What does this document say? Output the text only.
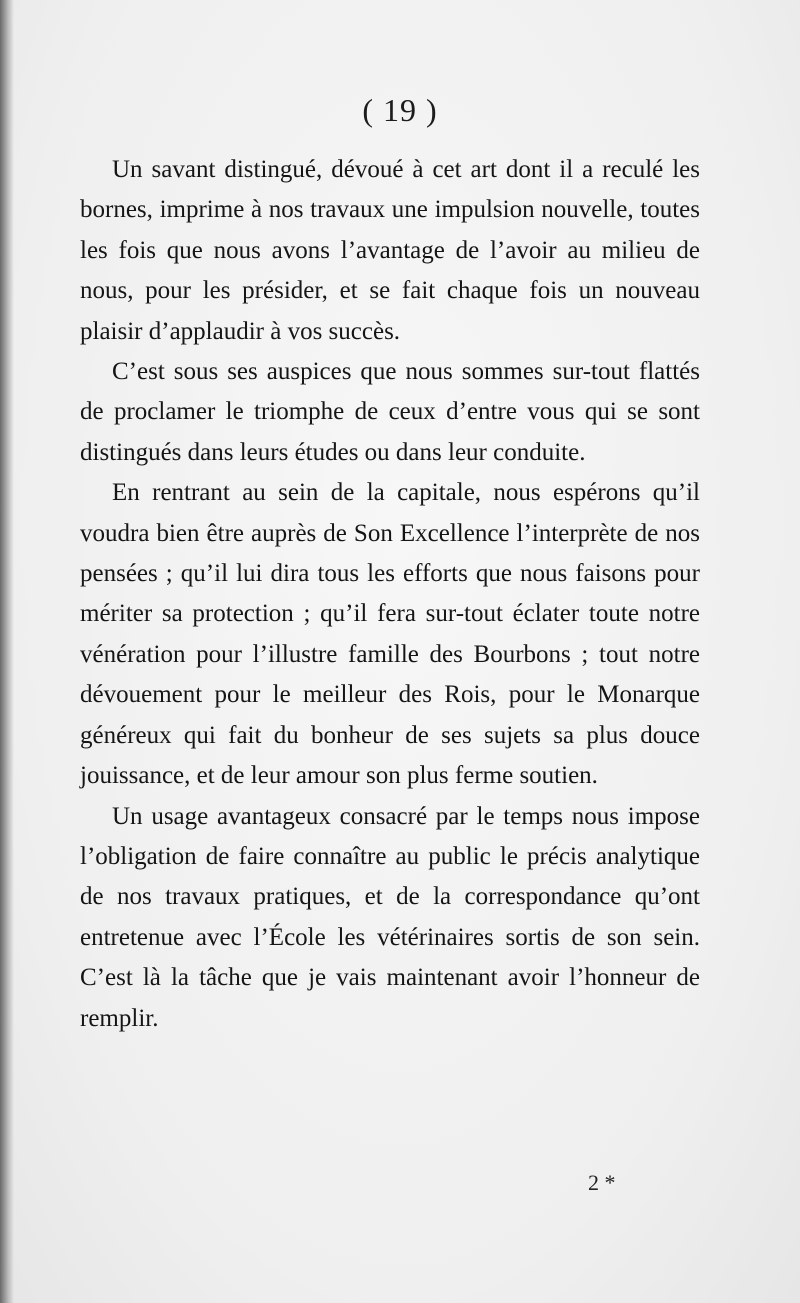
( 19 )

Un savant distingué, dévoué à cet art dont il a reculé les bornes, imprime à nos travaux une impulsion nouvelle, toutes les fois que nous avons l’avantage de l’avoir au milieu de nous, pour les présider, et se fait chaque fois un nouveau plaisir d’applaudir à vos succès.

C’est sous ses auspices que nous sommes sur-tout flattés de proclamer le triomphe de ceux d’entre vous qui se sont distingués dans leurs études ou dans leur conduite.

En rentrant au sein de la capitale, nous espérons qu’il voudra bien être auprès de Son Excellence l’interprète de nos pensées ; qu’il lui dira tous les efforts que nous faisons pour mériter sa protection ; qu’il fera sur-tout éclater toute notre vénération pour l’illustre famille des Bourbons ; tout notre dévouement pour le meilleur des Rois, pour le Monarque généreux qui fait du bonheur de ses sujets sa plus douce jouissance, et de leur amour son plus ferme soutien.

Un usage avantageux consacré par le temps nous impose l’obligation de faire connaître au public le précis analytique de nos travaux pratiques, et de la correspondance qu’ont entretenue avec l’École les vétérinaires sortis de son sein. C’est là la tâche que je vais maintenant avoir l’honneur de remplir.

2 *
